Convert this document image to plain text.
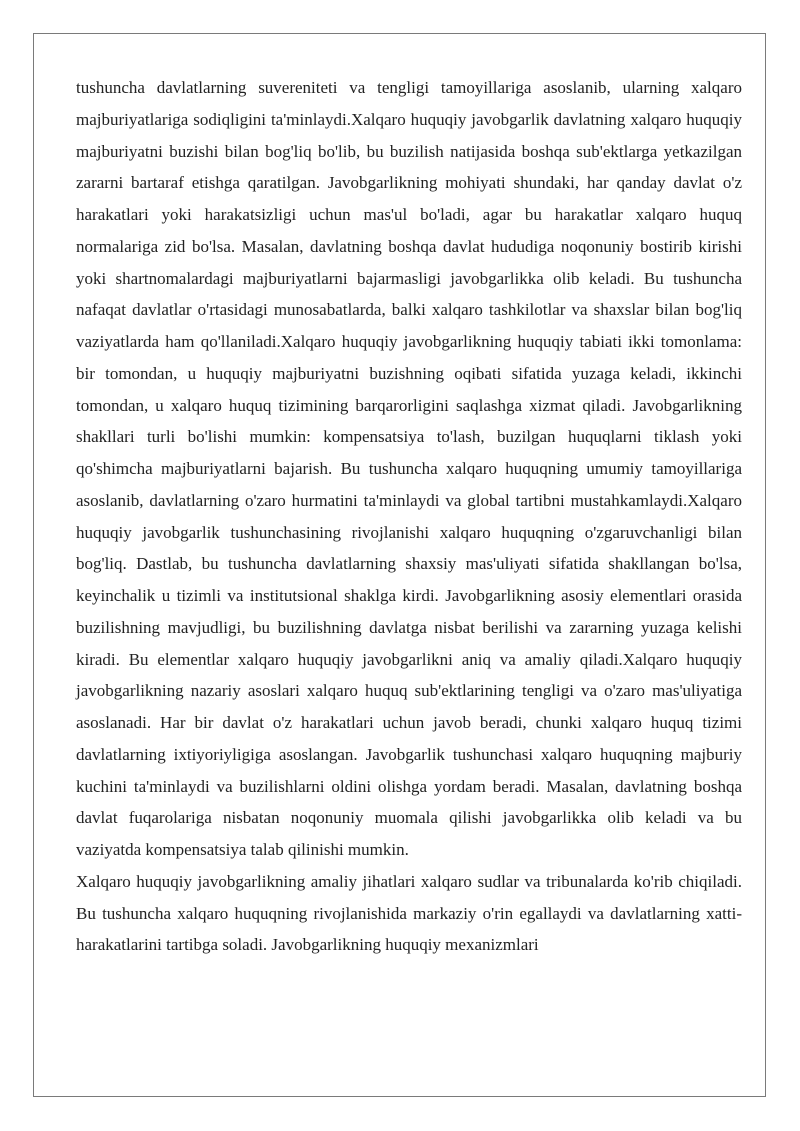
tushuncha davlatlarning suvereniteti va tengligi tamoyillariga asoslanib, ularning xalqaro majburiyatlariga sodiqligini ta'minlaydi.Xalqaro huquqiy javobgarlik davlatning xalqaro huquqiy majburiyatni buzishi bilan bog'liq bo'lib, bu buzilish natijasida boshqa sub'ektlarga yetkazilgan zararni bartaraf etishga qaratilgan. Javobgarlikning mohiyati shundaki, har qanday davlat o'z harakatlari yoki harakatsizligi uchun mas'ul bo'ladi, agar bu harakatlar xalqaro huquq normalariga zid bo'lsa. Masalan, davlatning boshqa davlat hududiga noqonuniy bostirib kirishi yoki shartnomalardagi majburiyatlarni bajarmasligi javobgarlikka olib keladi. Bu tushuncha nafaqat davlatlar o'rtasidagi munosabatlarda, balki xalqaro tashkilotlar va shaxslar bilan bog'liq vaziyatlarda ham qo'llaniladi.Xalqaro huquqiy javobgarlikning huquqiy tabiati ikki tomonlama: bir tomondan, u huquqiy majburiyatni buzishning oqibati sifatida yuzaga keladi, ikkinchi tomondan, u xalqaro huquq tizimining barqarorligini saqlashga xizmat qiladi. Javobgarlikning shakllari turli bo'lishi mumkin: kompensatsiya to'lash, buzilgan huquqlarni tiklash yoki qo'shimcha majburiyatlarni bajarish. Bu tushuncha xalqaro huquqning umumiy tamoyillariga asoslanib, davlatlarning o'zaro hurmatini ta'minlaydi va global tartibni mustahkamlaydi.Xalqaro huquqiy javobgarlik tushunchasining rivojlanishi xalqaro huquqning o'zgaruvchanligi bilan bog'liq. Dastlab, bu tushuncha davlatlarning shaxsiy mas'uliyati sifatida shakllangan bo'lsa, keyinchalik u tizimli va institutsional shaklga kirdi. Javobgarlikning asosiy elementlari orasida buzilishning mavjudligi, bu buzilishning davlatga nisbat berilishi va zararning yuzaga kelishi kiradi. Bu elementlar xalqaro huquqiy javobgarlikni aniq va amaliy qiladi.Xalqaro huquqiy javobgarlikning nazariy asoslari xalqaro huquq sub'ektlarining tengligi va o'zaro mas'uliyatiga asoslanadi. Har bir davlat o'z harakatlari uchun javob beradi, chunki xalqaro huquq tizimi davlatlarning ixtiyoriyligiga asoslangan. Javobgarlik tushunchasi xalqaro huquqning majburiy kuchini ta'minlaydi va buzilishlarni oldini olishga yordam beradi. Masalan, davlatning boshqa davlat fuqarolariga nisbatan noqonuniy muomala qilishi javobgarlikka olib keladi va bu vaziyatda kompensatsiya talab qilinishi mumkin.

Xalqaro huquqiy javobgarlikning amaliy jihatlari xalqaro sudlar va tribunalarda ko'rib chiqiladi. Bu tushuncha xalqaro huquqning rivojlanishida markaziy o'rin egallaydi va davlatlarning xatti-harakatlarini tartibga soladi. Javobgarlikning huquqiy mexanizmlari
